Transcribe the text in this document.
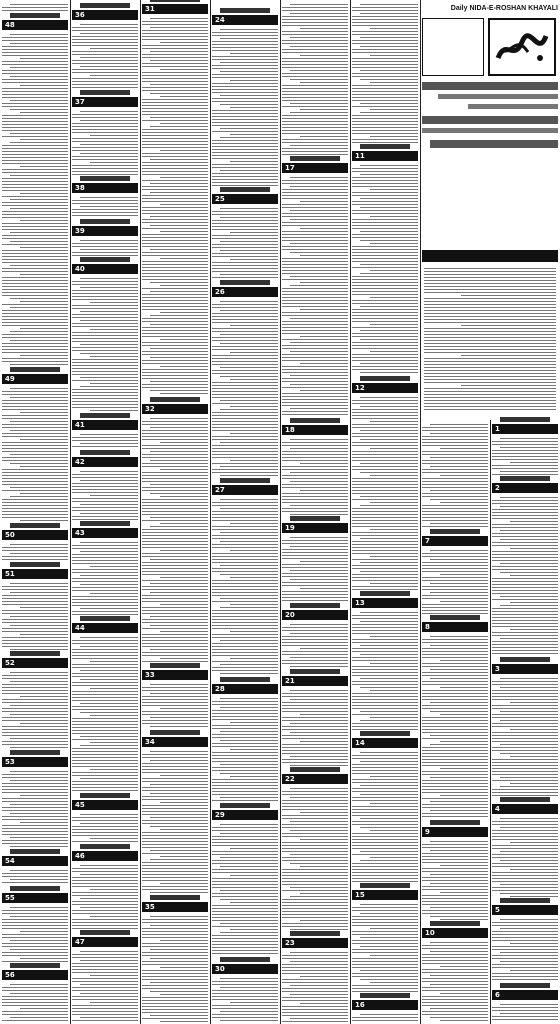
48
49
50
51
52
53
54
55
56
36
37
38
39
40
41
42
43
44
45
46
47
31
32
33
34
35
24
25
26
27
28
29
30
17
18
19
20
21
22
23
11
12
13
14
15
16
7
8
9
10
1
2
3
4
5
6
Daily NIDA-E-ROSHAN KHAYALI
